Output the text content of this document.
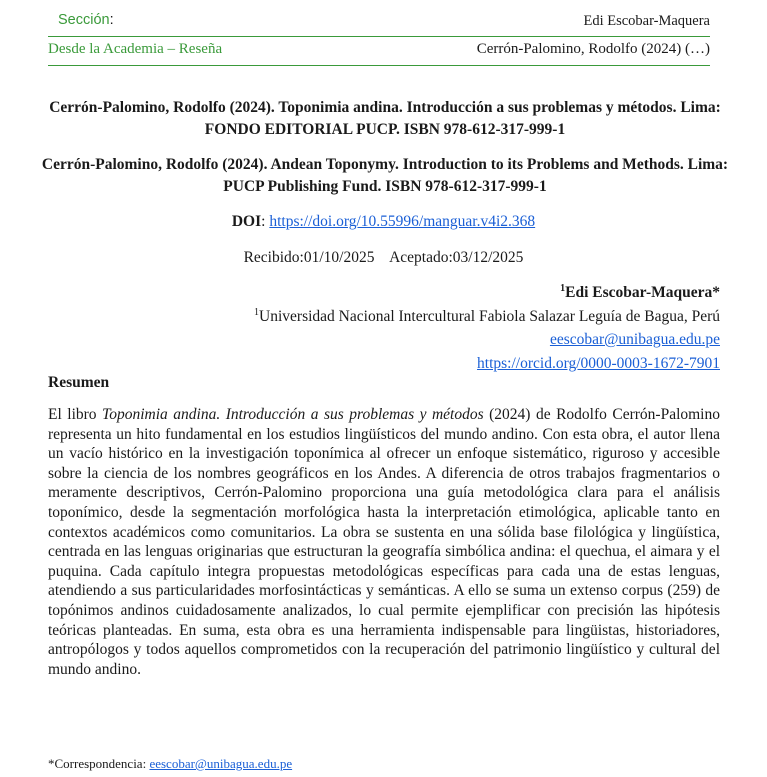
Sección:	Edi Escobar-Maquera
Desde la Academia – Reseña	Cerrón-Palomino, Rodolfo (2024) (…)
Cerrón-Palomino, Rodolfo (2024). Toponimia andina. Introducción a sus problemas y métodos. Lima: FONDO EDITORIAL PUCP. ISBN 978-612-317-999-1
Cerrón-Palomino, Rodolfo (2024). Andean Toponymy. Introduction to its Problems and Methods. Lima: PUCP Publishing Fund. ISBN 978-612-317-999-1
DOI: https://doi.org/10.55996/manguar.v4i2.368
Recibido:01/10/2025 Aceptado:03/12/2025
$^1$Edi Escobar-Maquera*
$^1$Universidad Nacional Intercultural Fabiola Salazar Leguía de Bagua, Perú
eescobar@unibagua.edu.pe
https://orcid.org/0000-0003-1672-7901
Resumen
El libro Toponimia andina. Introducción a sus problemas y métodos (2024) de Rodolfo Cerrón-Palomino representa un hito fundamental en los estudios lingüísticos del mundo andino. Con esta obra, el autor llena un vacío histórico en la investigación toponímica al ofrecer un enfoque sistemático, riguroso y accesible sobre la ciencia de los nombres geográficos en los Andes. A diferencia de otros trabajos fragmentarios o meramente descriptivos, Cerrón-Palomino proporciona una guía metodológica clara para el análisis toponímico, desde la segmentación morfológica hasta la interpretación etimológica, aplicable tanto en contextos académicos como comunitarios. La obra se sustenta en una sólida base filológica y lingüística, centrada en las lenguas originarias que estructuran la geografía simbólica andina: el quechua, el aimara y el puquina. Cada capítulo integra propuestas metodológicas específicas para cada una de estas lenguas, atendiendo a sus particularidades morfosintácticas y semánticas. A ello se suma un extenso corpus (259) de topónimos andinos cuidadosamente analizados, lo cual permite ejemplificar con precisión las hipótesis teóricas planteadas. En suma, esta obra es una herramienta indispensable para lingüistas, historiadores, antropólogos y todos aquellos comprometidos con la recuperación del patrimonio lingüístico y cultural del mundo andino.
*Correspondencia: eescobar@unibagua.edu.pe
